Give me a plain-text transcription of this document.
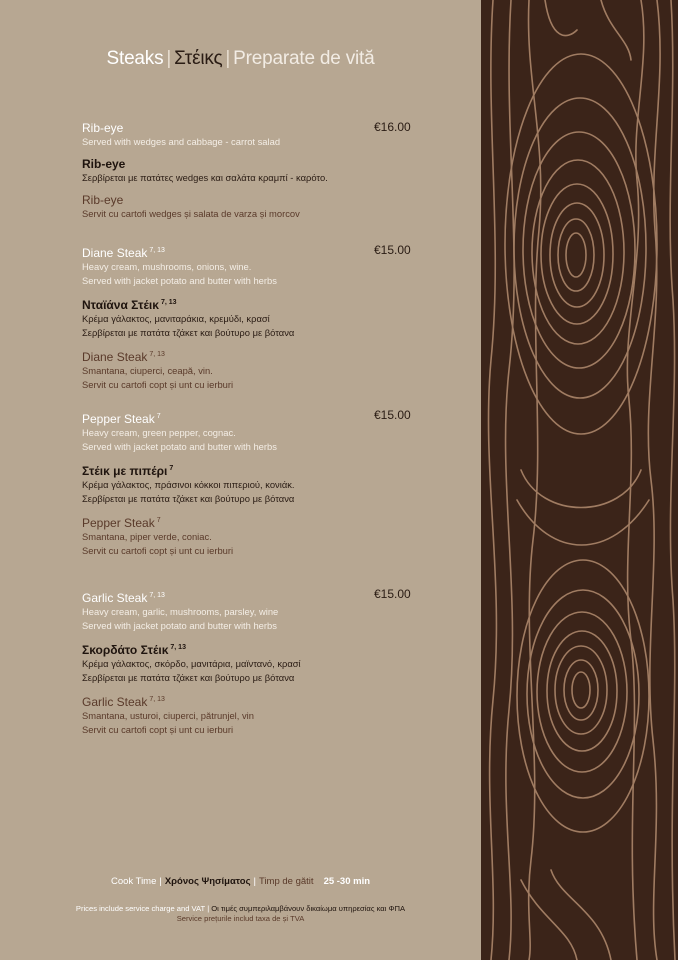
Steaks | Στέικς | Preparate de vită
€16.00
Rib-eye
Served with wedges and cabbage - carrot salad
Rib-eye
Σερβίρεται με πατάτες wedges και σαλάτα κραμπί - καρότο.
Rib-eye
Servit cu cartofi wedges și salata de varza și morcov
€15.00
Diane Steak $^{7, 13}$
Heavy cream, mushrooms, onions, wine.
Served with jacket potato and butter with herbs
Νταϊάνα Στέικ $^{7, 13}$
Κρέμα γάλακτος, μανιταράκια, κρεμύδι, κρασί
Σερβίρεται με πατάτα τζάκετ και βούτυρο με βότανα
Diane Steak $^{7, 13}$
Smantana, ciuperci, ceapă, vin.
Servit cu cartofi copt și unt cu ierburi
€15.00
Pepper Steak $^7$
Heavy cream, green pepper, cognac.
Served with jacket potato and butter with herbs
Στέικ με πιπέρι $^7$
Κρέμα γάλακτος, πράσινοι κόκκοι πιπεριού, κονιάκ.
Σερβίρεται με πατάτα τζάκετ και βούτυρο με βότανα
Pepper Steak $^7$
Smantana, piper verde, coniac.
Servit cu cartofi copt și unt cu ierburi
€15.00
Garlic Steak $^{7, 13}$
Heavy cream, garlic, mushrooms, parsley, wine
Served with jacket potato and butter with herbs
Σκορδάτο Στέικ $^{7, 13}$
Κρέμα γάλακτος, σκόρδο, μανιτάρια, μαϊντανό, κρασί
Σερβίρεται με πατάτα τζάκετ και βούτυρο με βότανα
Garlic Steak $^{7, 13}$
Smantana, usturoi, ciuperci, pătrunjel, vin
Servit cu cartofi copt și unt cu ierburi
Cook Time | Χρόνος Ψησίματος | Timp de gătit 25 -30 min
Prices include service charge and VAT | Οι τιμές συμπεριλαμβάνουν δικαίωμα υπηρεσίας και ΦΠΑ
Service prețurile includ taxa de și TVA
